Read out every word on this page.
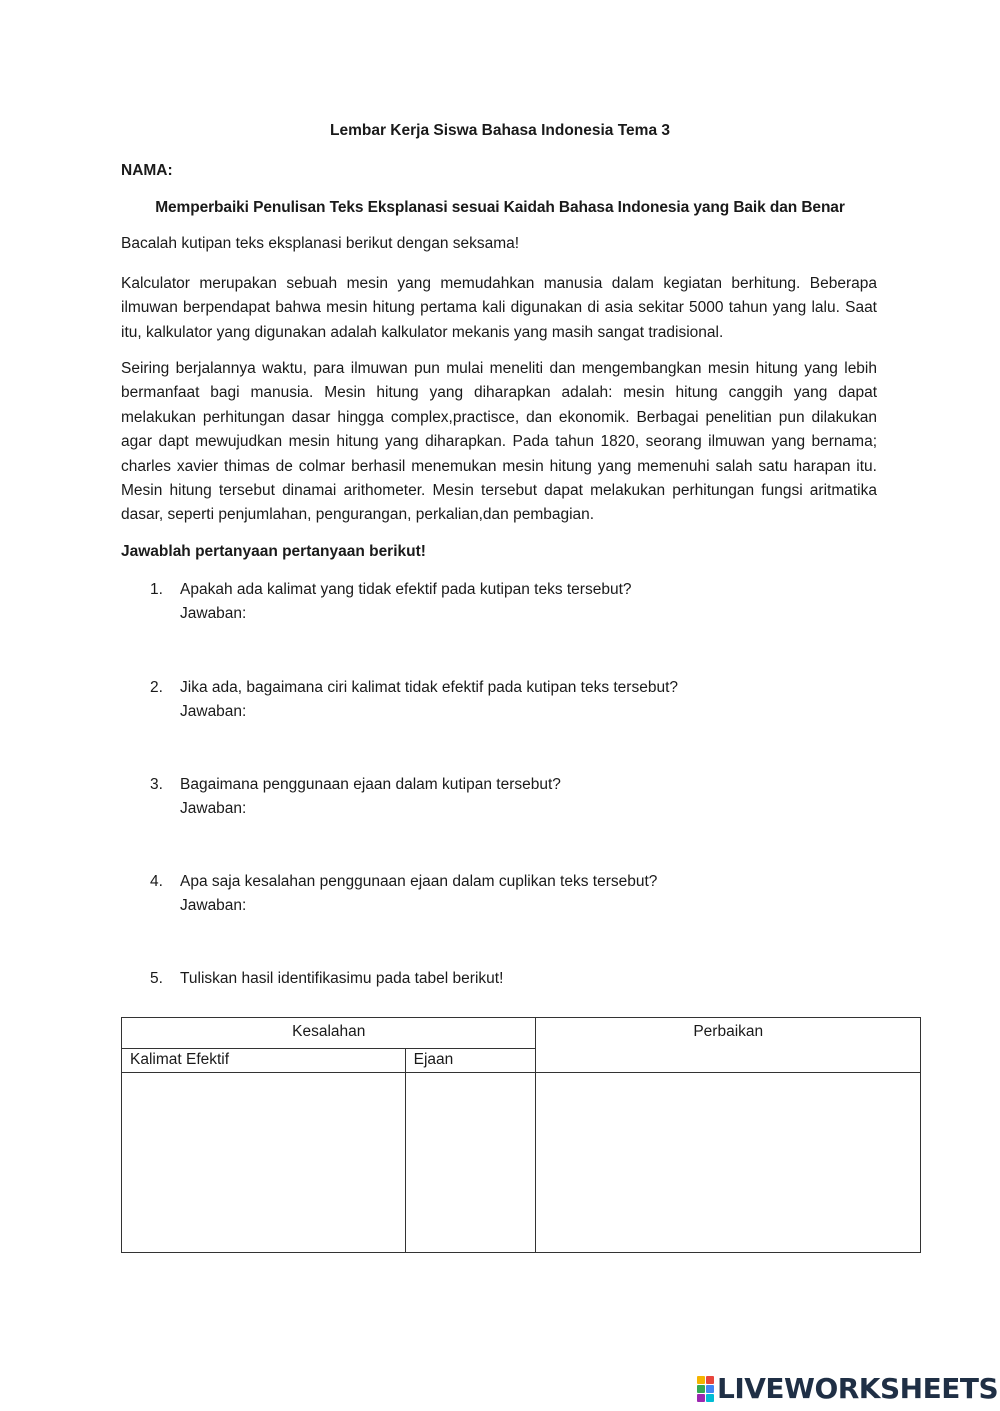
Lembar Kerja Siswa Bahasa Indonesia Tema 3
NAMA:
Memperbaiki Penulisan Teks Eksplanasi sesuai Kaidah Bahasa Indonesia yang Baik dan Benar
Bacalah kutipan teks eksplanasi berikut dengan seksama!
Kalculator merupakan sebuah mesin yang memudahkan manusia dalam kegiatan berhitung. Beberapa ilmuwan berpendapat bahwa mesin hitung pertama kali digunakan di asia sekitar 5000 tahun yang lalu. Saat itu, kalkulator yang digunakan adalah kalkulator mekanis yang masih sangat tradisional.
Seiring berjalannya waktu, para ilmuwan pun mulai meneliti dan mengembangkan mesin hitung yang lebih bermanfaat bagi manusia. Mesin hitung yang diharapkan adalah: mesin hitung canggih yang dapat melakukan perhitungan dasar hingga complex,practisce, dan ekonomik. Berbagai penelitian pun dilakukan agar dapt mewujudkan mesin hitung yang diharapkan. Pada tahun 1820, seorang ilmuwan yang bernama; charles xavier thimas de colmar berhasil menemukan mesin hitung yang memenuhi salah satu harapan itu. Mesin hitung tersebut dinamai arithometer. Mesin tersebut dapat melakukan perhitungan fungsi aritmatika dasar, seperti penjumlahan, pengurangan, perkalian,dan pembagian.
Jawablah pertanyaan pertanyaan berikut!
1. Apakah ada kalimat yang tidak efektif pada kutipan teks tersebut?
Jawaban:
2. Jika ada, bagaimana ciri kalimat tidak efektif pada kutipan teks tersebut?
Jawaban:
3. Bagaimana penggunaan ejaan dalam kutipan tersebut?
Jawaban:
4. Apa saja kesalahan penggunaan ejaan dalam cuplikan teks tersebut?
Jawaban:
5. Tuliskan hasil identifikasimu pada tabel berikut!
Kesalahan		Perbaikan
Kalimat Efektif	Ejaan	

LIVEWORKSHEETS
